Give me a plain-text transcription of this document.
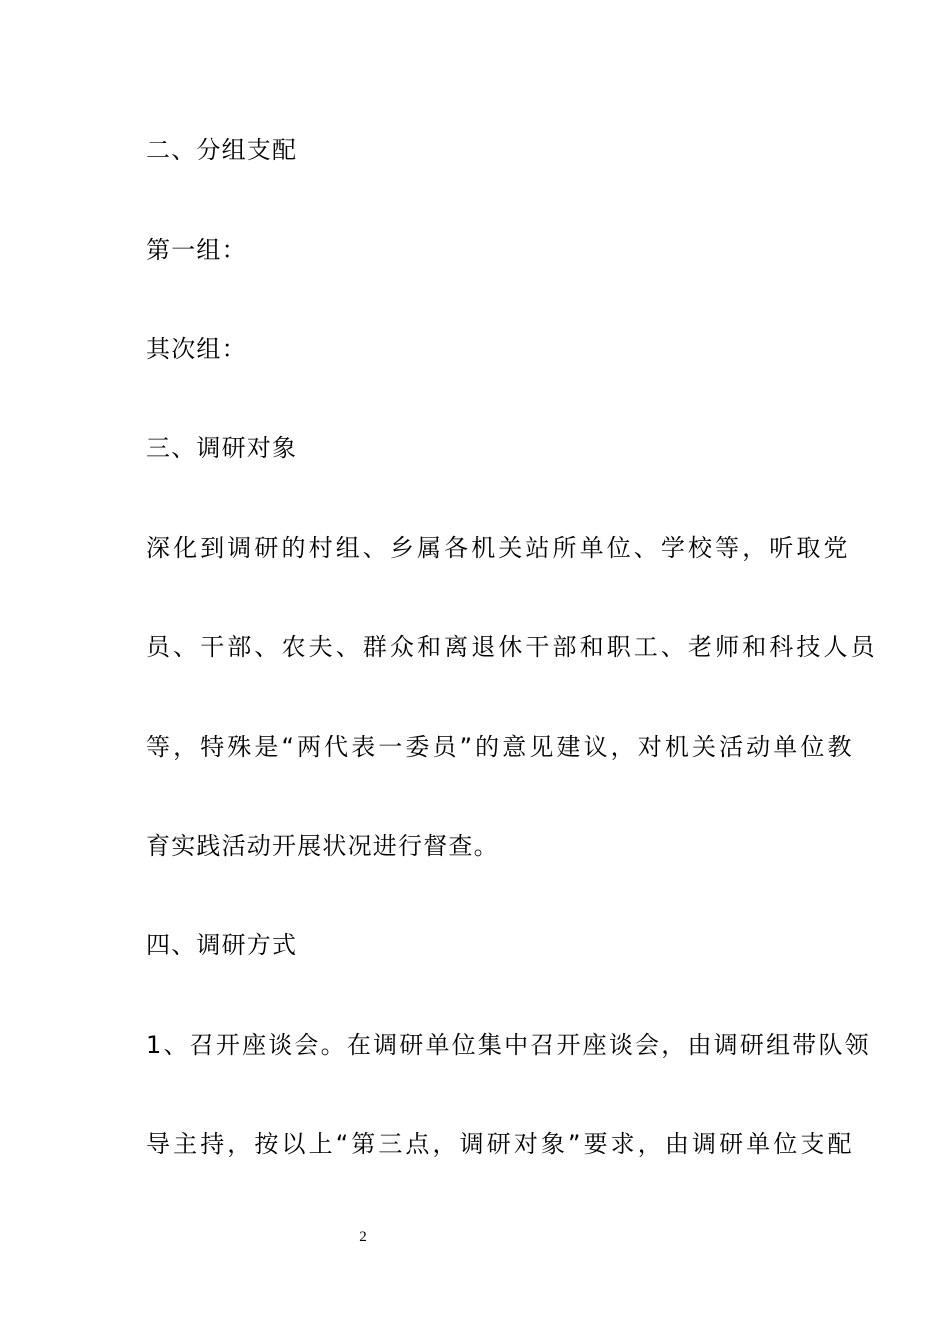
二、分组支配
第一组：
其次组：
三、调研对象
深化到调研的村组、乡属各机关站所单位、学校等，听取党
员、干部、农夫、群众和离退休干部和职工、老师和科技人员
等，特殊是“两代表一委员”的意见建议，对机关活动单位教
育实践活动开展状况进行督查。
四、调研方式
1、召开座谈会。在调研单位集中召开座谈会，由调研组带队领
导主持，按以上“第三点，调研对象”要求，由调研单位支配
2
